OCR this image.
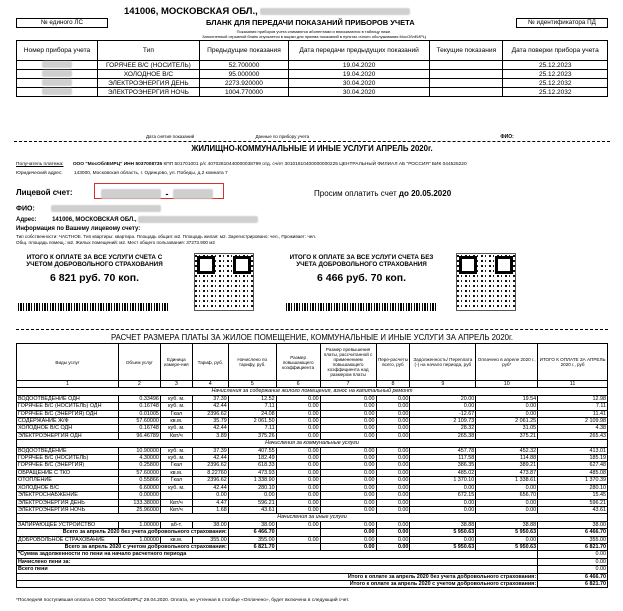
141006, МОСКОВСКАЯ ОБЛ.,
№ единого ЛС	БЛАНК ДЛЯ ПЕРЕДАЧИ ПОКАЗАНИЙ ПРИБОРОВ УЧЕТА	№ идентификатора ПД
Показания приборов учета снимаются абонентами и вписываются в таблицу ниже.
Заполненный отрывной бланк опускается в ящики для приема показаний в пунктах очного обслуживания МосОблЕИРЦ
Номер прибора учета	Тип	Предыдущие показания	Дата передачи предыдущих показаний	Текущие показания	Дата поверки прибора учета
	ГОРЯЧЕЕ В/С (НОСИТЕЛЬ)	52.700000	19.04.2020		25.12.2023
	ХОЛОДНОЕ В/С	95.000000	19.04.2020		25.12.2023
	ЭЛЕКТРОЭНЕРГИЯ ДЕНЬ	2273.920000	30.04.2020		25.12.2032
	ЭЛЕКТРОЭНЕРГИЯ НОЧЬ	1004.770000	30.04.2020		25.12.2032
Дата снятия показаний	Данные по прибору учета	ФИО:
ЖИЛИЩНО-КОММУНАЛЬНЫЕ И ИНЫЕ УСЛУГИ АПРЕЛЬ 2020г.
Получатель платежа: ООО "МосОблЕИРЦ" ИНН 5037008735 КПП 501701001 р/с 40702810440000038799 отд. сч/ет 30101810400000000225 ЦЕНТРАЛЬНЫЙ ФИЛИАЛ АБ "РОССИЯ" БИК 044525220
Юридический адрес: 143000, Московская область, г. Одинцово, ул. Победы, д.2 комната 7
Лицевой счет:	-	Просим оплатить счет до 20.05.2020
ФИО:
Адрес:	141006, МОСКОВСКАЯ ОБЛ.,
Информация по Вашему лицевому счету:
Тип собственности: ЧАСТНОЕ. Тип квартиры: квартира. Площадь общая: м2. Площадь жилая: м2. Зарегистрировано: чел., Проживает: чел.
Общ. площадь помещ.: м2. Жилых помещений: м2. Мест общего пользования: 37273.900 м2
ИТОГО К ОПЛАТЕ ЗА ВСЕ УСЛУГИ СЧЕТА С УЧЕТОМ ДОБРОВОЛЬНОГО СТРАХОВАНИЯ
6 821 руб. 70 коп.
ИТОГО К ОПЛАТЕ ЗА ВСЕ УСЛУГИ СЧЕТА БЕЗ УЧЕТА ДОБРОВОЛЬНОГО СТРАХОВАНИЯ
6 466 руб. 70 коп.
РАСЧЕТ РАЗМЕРА ПЛАТЫ ЗА ЖИЛОЕ ПОМЕЩЕНИЕ, КОММУНАЛЬНЫЕ И ИНЫЕ УСЛУГИ ЗА АПРЕЛЬ 2020г.
Виды услуг	Объем услуг	Единица измере-ния	Тариф, руб.	Начислено по тарифу, руб.	Размер повышающего коэффициента	Размер превышения платы, рассчитанной с применением повышающего коэффициента над размером платы	Пере-расчеты всего, руб	Задолженность/ Переплата (-) на начало периода, руб	Оплачено в апреле 2020 г., руб*	ИТОГО К ОПЛАТЕ ЗА АПРЕЛЬ 2020 г., руб
1	2	3	4	5	6	7	8	9	10	11
Начисления за содержание жилого помещения, взнос на капитальный ремонт										
ВОДООТВЕДЕНИЕ ОДН	0.33496	куб. м.	37.39	12.52	0.00	0.00	0.00	20.00	19.54	12.98
ГОРЯЧЕЕ В/С (НОСИТЕЛЬ) ОДН	0.16748	куб. м.	42.44	7.11	0.00	0.00	0.00	0.00	0.00	7.11
ГОРЯЧЕЕ В/С (ЭНЕРГИЯ) ОДН	0.01005	Гкал	2396.62	24.08	0.00	0.00	0.00	-12.67	0.00	11.41
СОДЕРЖАНИЕ Ж/Ф	57.60000	кв.м.	35.79	2 061.50	0.00	0.00	0.00	2 109.73	2 061.25	2 109.98
ХОЛОДНОЕ В/С ОДН	0.16748	куб. м.	42.44	7.11	0.00	0.00	0.00	28.32	31.05	4.38
ЭЛЕКТРОЭНЕРГИЯ ОДН	96.46789	Квт/ч	3.89	375.26	0.00	0.00	0.00	265.38	375.21	265.43
Начисления за коммунальные услуги										
ВОДООТВЕДЕНИЕ	10.90000	куб. м.	37.39	407.55	0.00	0.00	0.00	457.78	452.32	413.01
ГОРЯЧЕЕ В/С (НОСИТЕЛЬ)	4.30000	куб. м.	42.44	182.49	0.00	0.00	0.00	117.58	114.88	185.19
ГОРЯЧЕЕ В/С (ЭНЕРГИЯ)	0.25800	Гкал	2396.62	618.33	0.00	0.00	0.00	386.35	389.21	627.48
ОБРАЩЕНИЕ С ТКО	57.60000	кв.м.	8.22760	473.93	0.00	0.00	0.00	485.02	473.87	485.08
ОТОПЛЕНИЕ	0.55866	Гкал	2396.62	1 338.90	0.00	0.00	0.00	1 370.10	1 338.61	1 370.39
ХОЛОДНОЕ В/С	6.60000	куб. м.	42.44	280.10	0.00	0.00	0.00	0.00	0.00	280.10
ЭЛЕКТРОСНАБЖЕНИЕ	0.00000		0.00	0.00	0.00	0.00	0.00	672.15	656.70	15.45
ЭЛЕКТРОЭНЕРГИЯ ДЕНЬ	133.38000	Квт/ч	4.47	596.21	0.00	0.00	0.00	0.00	0.00	596.21
ЭЛЕКТРОЭНЕРГИЯ НОЧЬ	25.96000	Квт/ч	1.68	43.61	0.00	0.00	0.00	0.00	0.00	43.61
Начисления за иные услуги										
ЗАПИРАЮЩЕЕ УСТРОЙСТВО	1.00000	аб-т.	38.00	38.00	0.00	0.00	0.00	38.88	38.88	38.00
Всего за апрель 2020 без учета добровольного страхования:				6 466.70		0.00	0.00	5 950.63	5 950.63	6 466.70
ДОБРОВОЛЬНОЕ СТРАХОВАНИЕ	1.00000	кв.м.	355.00	355.00	0.00	0.00	0.00	0.00	0.00	355.00
Всего за апрель 2020 с учетом добровольного страхования:				6 821.70		0.00	0.00	5 950.63	5 950.63	6 821.70
*Сумма задолженности по пени на начало расчетного периода										0.00
Начислено пени за:										0.00
Всего пени										0.00
Итого к оплате за апрель 2020 без учета добровольного страхования:										6 466.70
Итого к оплате за апрель 2020 с учетом добровольного страхования:										6 821.70
*Последняя поступившая оплата в ООО "МосОблЕИРЦ" 29.04.2020. Оплата, не учтенная в столбце «Оплачено», будет включена в следующий счет.
